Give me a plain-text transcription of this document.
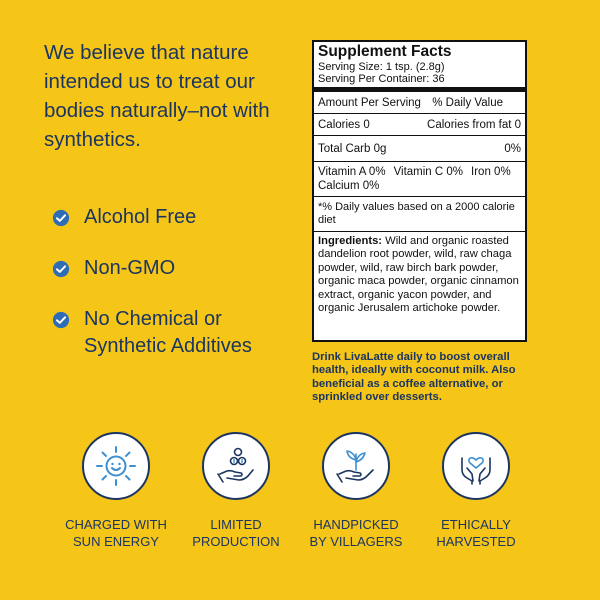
We believe that nature intended us to treat our bodies naturally–not with synthetics.
Alcohol Free
Non-GMO
No Chemical or Synthetic Additives
Supplement Facts
Serving Size: 1 tsp. (2.8g)
Serving Per Container: 36
Amount Per Serving % Daily Value
Calories 0	Calories from fat 0
Total Carb 0g	0%
Vitamin A 0% Vitamin C 0% Iron 0%
Calcium 0%
*% Daily values based on a 2000 calorie diet
Ingredients: Wild and organic roasted dandelion root powder, wild, raw chaga powder, wild, raw birch bark powder, organic maca powder, organic cinnamon extract, organic yacon powder, and organic Jerusalem artichoke powder.
Drink LivaLatte daily to boost overall health, ideally with coconut milk. Also beneficial as a coffee alternative, or sprinkled over desserts.
CHARGED WITH
SUN ENERGY
LIMITED
PRODUCTION
HANDPICKED
BY VILLAGERS
ETHICALLY
HARVESTED
